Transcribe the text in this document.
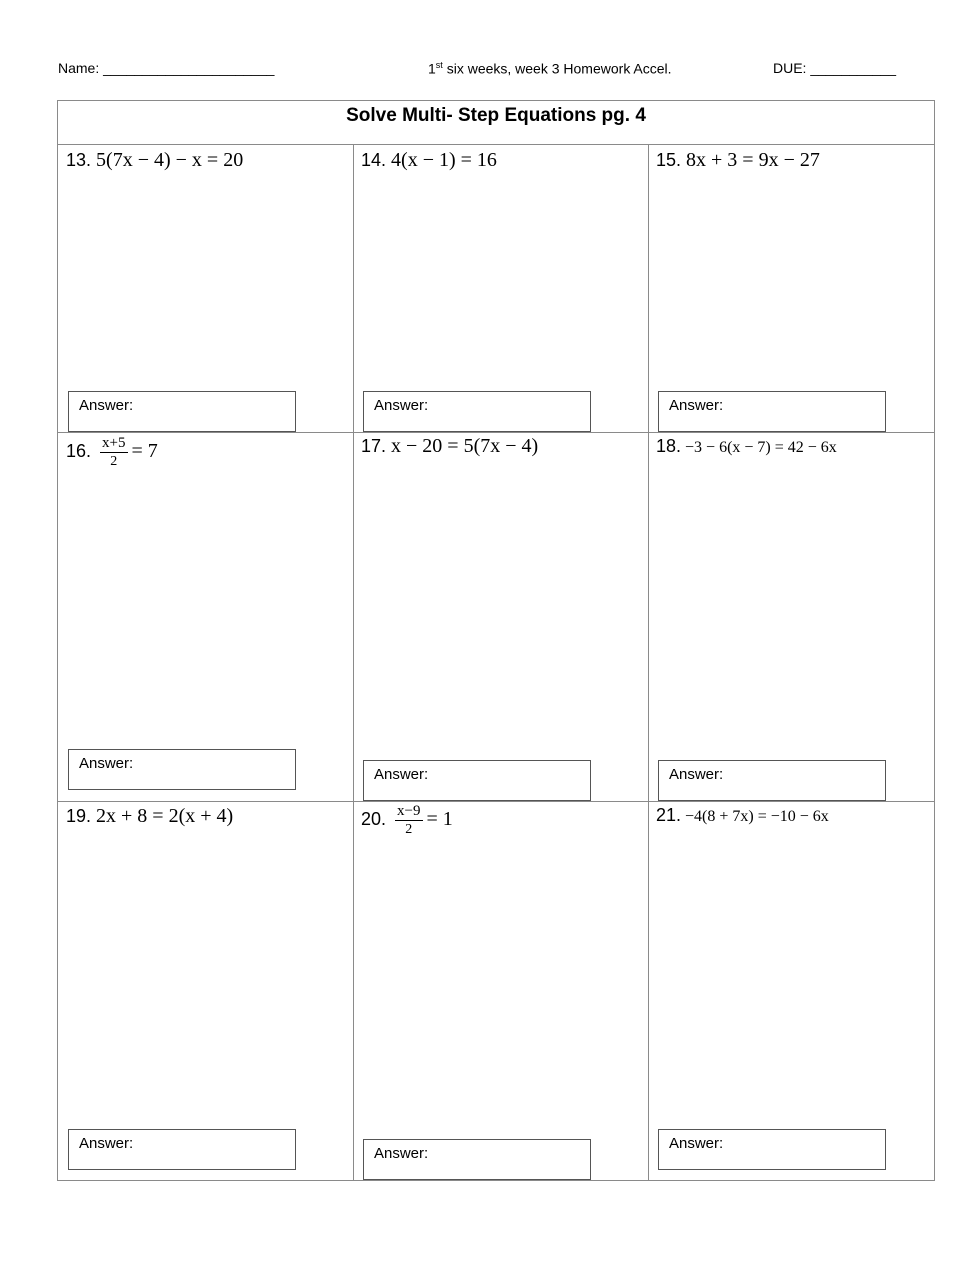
Name: ______________________	1st six weeks, week 3 Homework Accel.	DUE: ___________
Solve Multi- Step Equations pg. 4
13. 5(7x − 4) − x = 20
Answer:
14. 4(x − 1) = 16
Answer:
15. 8x + 3 = 9x − 27
Answer:
16. $\frac{x+5}{2} = 7$
Answer:
17. x − 20 = 5(7x − 4)
Answer:
18. −3 − 6(x − 7) = 42 − 6x
Answer:
19. 2x + 8 = 2(x + 4)
Answer:
20. $\frac{x-9}{2} = 1$
Answer:
21. −4(8 + 7x) = −10 − 6x
Answer:
